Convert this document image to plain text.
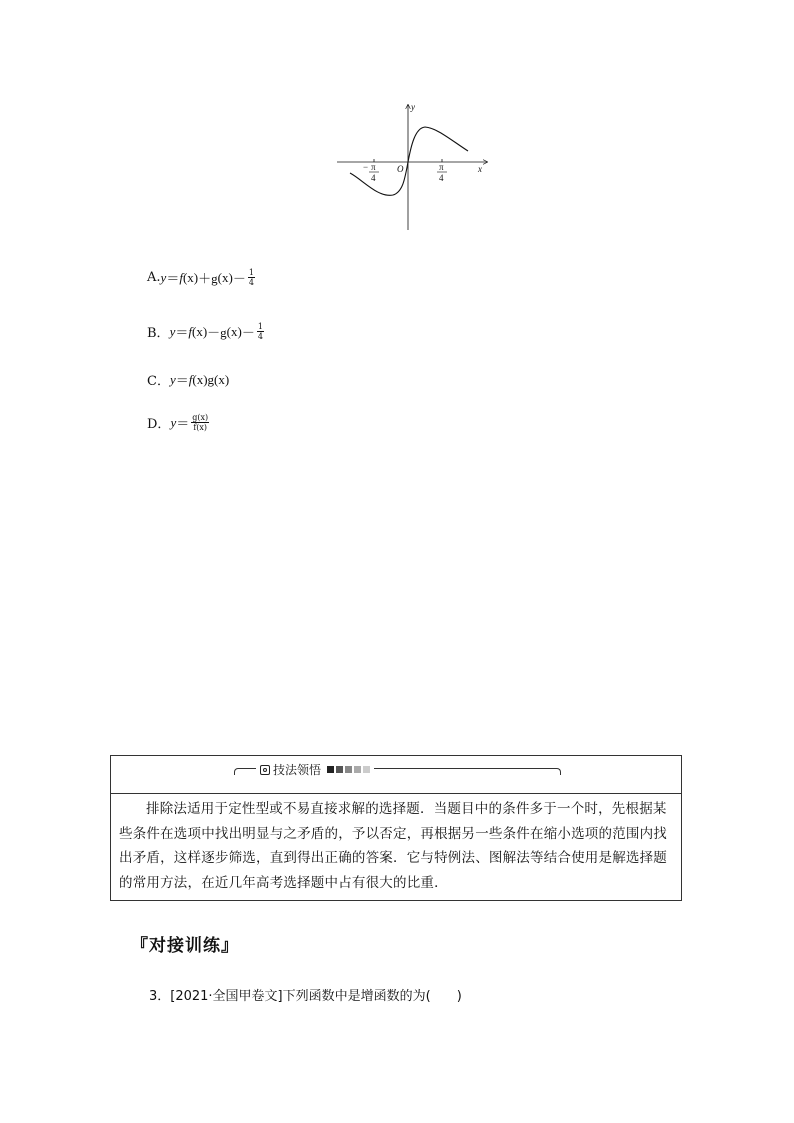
y
x
O
− π
4
π
4
A. y ＝ f (x) ＋g $(x) - \frac{1}{4}$
B． y ＝ f (x) －g $(x) - \frac{1}{4}$
C． y ＝ f (x) g (x)
D． $y = \frac{g(x)}{f(x)}$
技法领悟
排除法适用于定性型或不易直接求解的选择题．当题目中的条件多于一个时，先根据某些条件在选项中找出明显与之矛盾的，予以否定，再根据另一些条件在缩小选项的范围内找出矛盾，这样逐步筛选，直到得出正确的答案．它与特例法、图解法等结合使用是解选择题的常用方法，在近几年高考选择题中占有很大的比重．
『对接训练』
3．[2021·全国甲卷文]下列函数中是增函数的为(　　)
